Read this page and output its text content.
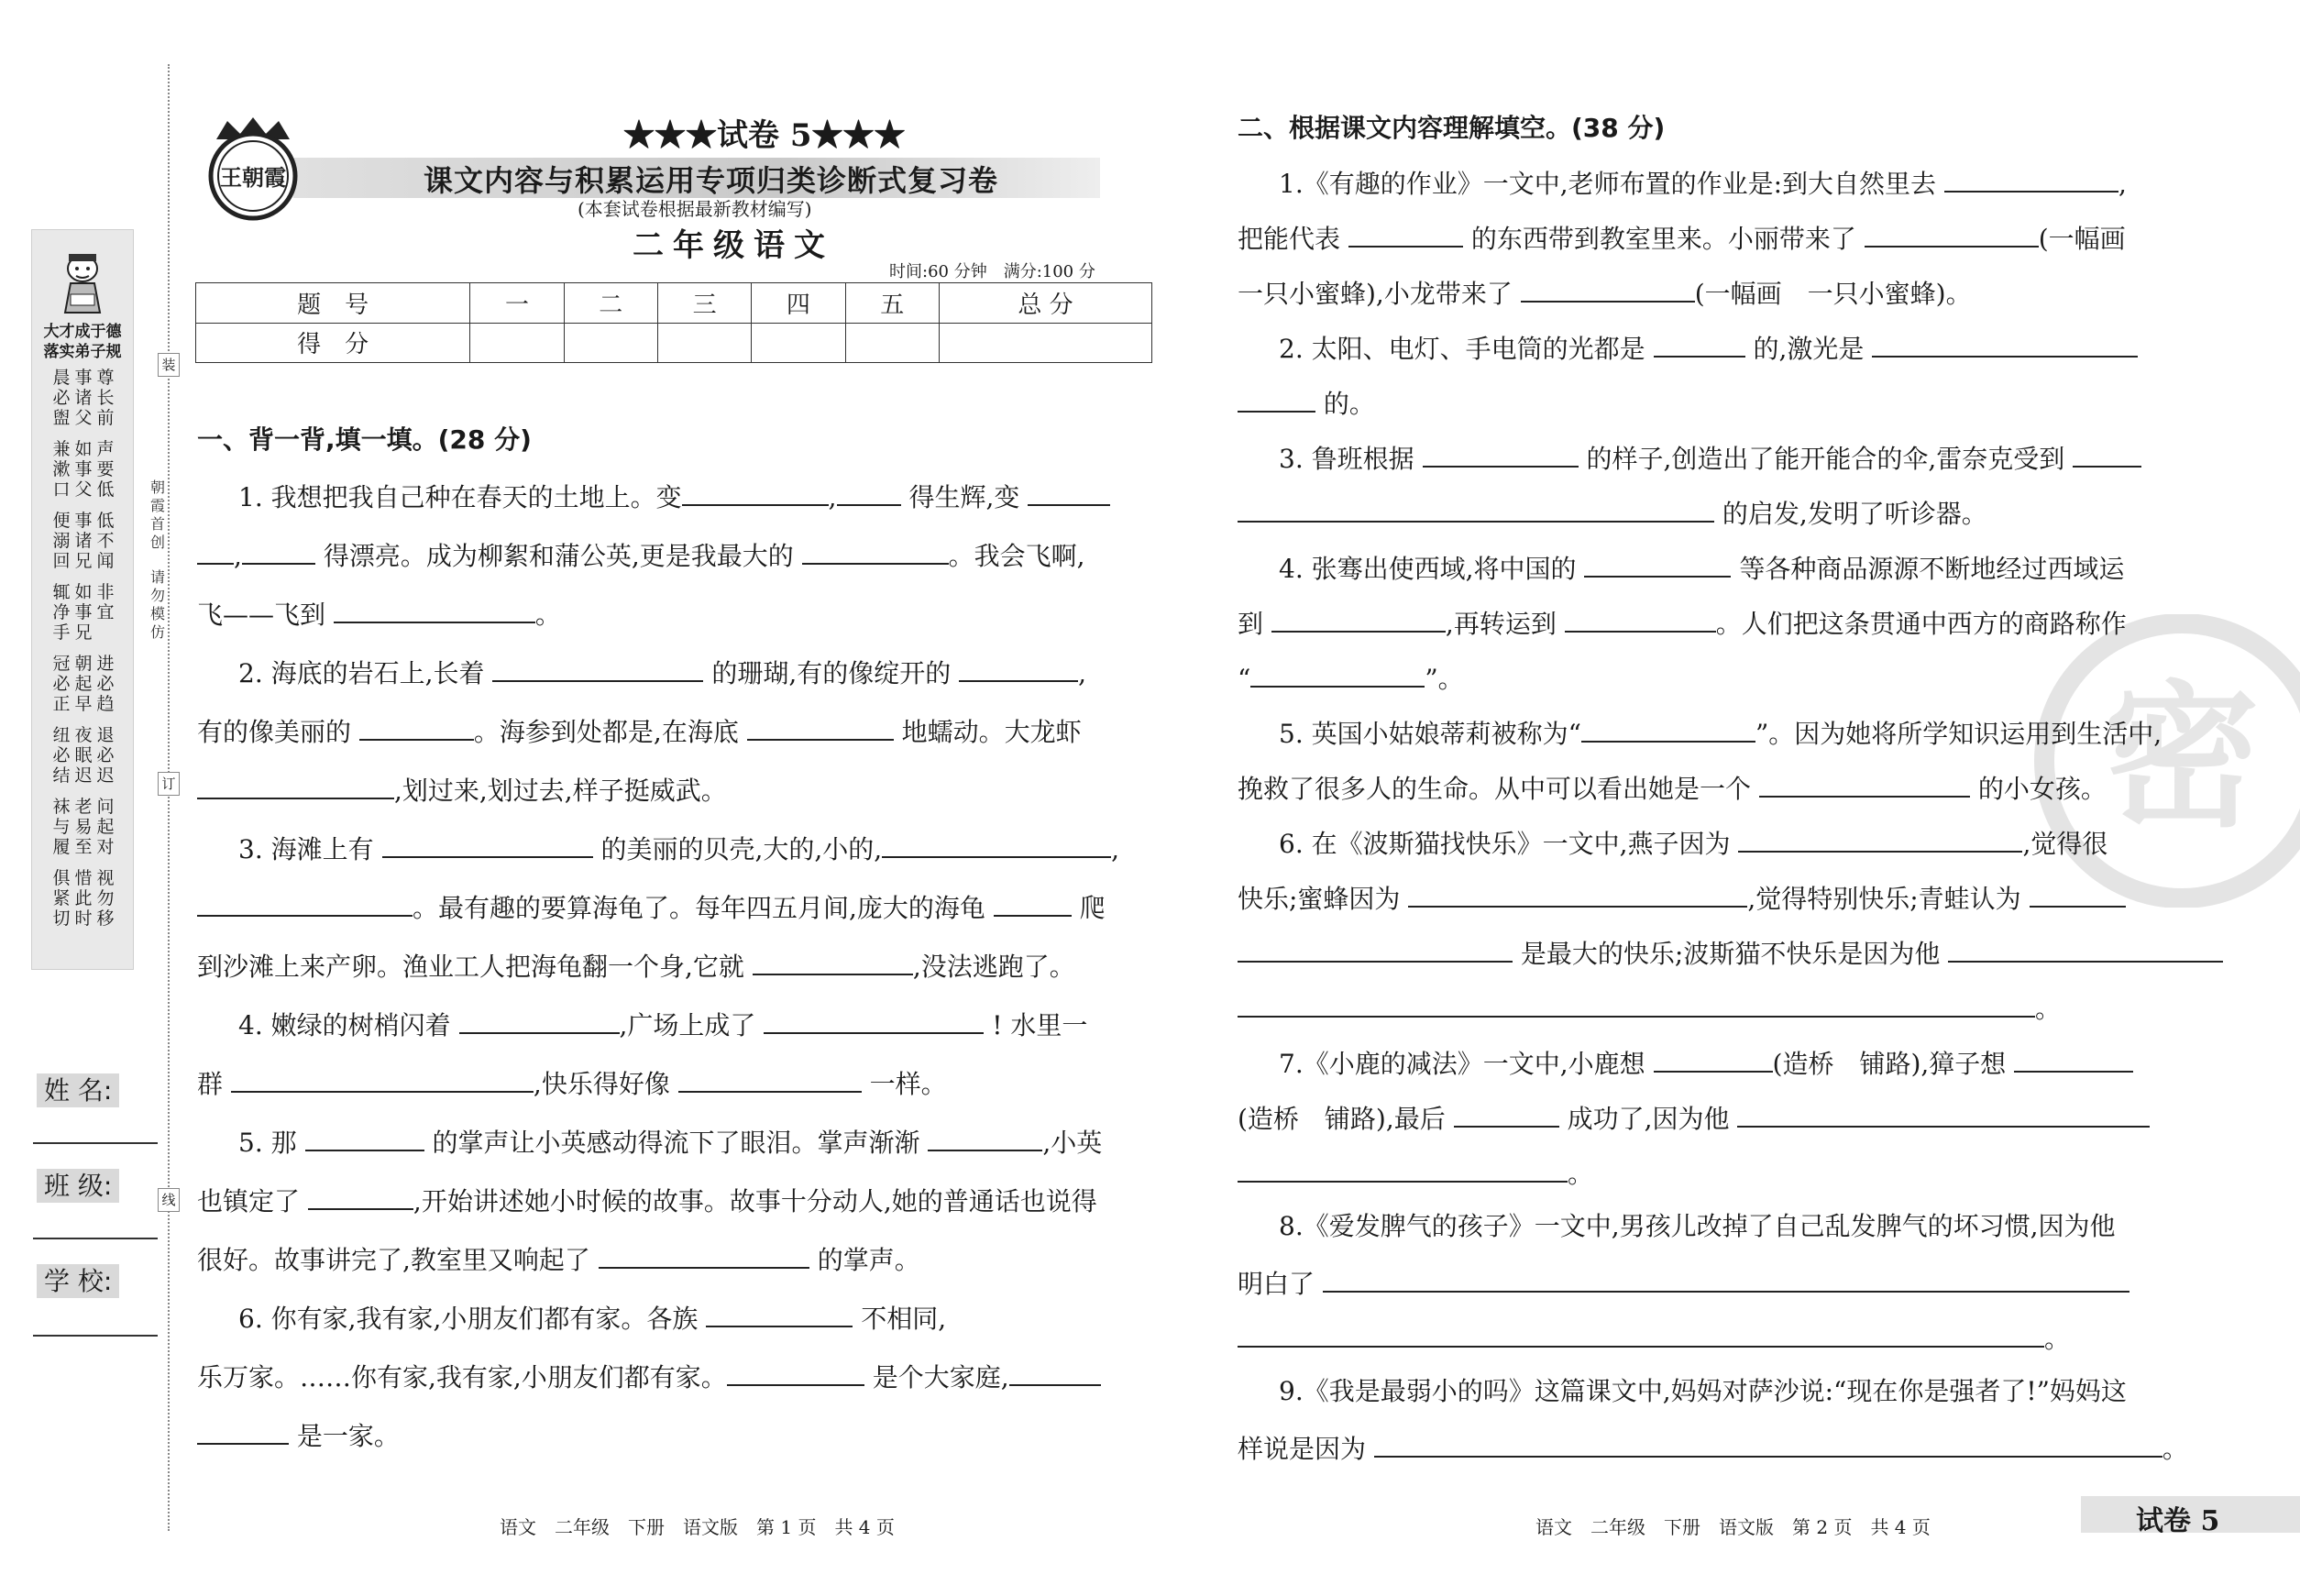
大才成于德
落实弟子规
晨必盥
事诸父
尊长前
兼漱口
如事父
声要低
便溺回
事诸兄
低不闻
辄净手
如事兄
非宜
冠必正
朝起早
进必趋
纽必结
夜眠迟
退必迟
袜与履
老易至
问起对
俱紧切
惜此时
视勿移
朝霞首创
请勿模仿
装
订
线
姓 名:
班 级:
学 校:
王朝霞
★★★试卷 5★★★
课文内容与积累运用专项归类诊断式复习卷
(本套试卷根据最新教材编写)
二年级语文
时间:60 分钟　满分:100 分
题　号	一	二	三	四	五	总 分
得　分						
一、背一背,填一填。(28 分)
1. 我想把我自己种在春天的土地上。变	,	得生辉,变
,	得漂亮。成为柳絮和蒲公英,更是我最大的	。我会飞啊,
飞——飞到	。
2. 海底的岩石上,长着	的珊瑚,有的像绽开的	,
有的像美丽的	。海参到处都是,在海底	地蠕动。大龙虾
,划过来,划过去,样子挺威武。
3. 海滩上有	的美丽的贝壳,大的,小的,	,
。最有趣的要算海龟了。每年四五月间,庞大的海龟	爬
到沙滩上来产卵。渔业工人把海龟翻一个身,它就	,没法逃跑了。
4. 嫩绿的树梢闪着	,广场上成了	! 水里一
群	,快乐得好像	一样。
5. 那	的掌声让小英感动得流下了眼泪。掌声渐渐	,小英
也镇定了	,开始讲述她小时候的故事。故事十分动人,她的普通话也说得
很好。故事讲完了,教室里又响起了	的掌声。
6. 你有家,我有家,小朋友们都有家。各族	不相同,
乐万家。……你有家,我有家,小朋友们都有家。	是个大家庭,
是一家。
语文　二年级　下册　语文版　第 1 页　共 4 页
密
二、根据课文内容理解填空。(38 分)
1.《有趣的作业》一文中,老师布置的作业是:到大自然里去	,
把能代表	的东西带到教室里来。小丽带来了	(一幅画
一只小蜜蜂),小龙带来了	(一幅画　一只小蜜蜂)。
2. 太阳、电灯、手电筒的光都是	的,激光是
的。
3. 鲁班根据	的样子,创造出了能开能合的伞,雷奈克受到
的启发,发明了听诊器。
4. 张骞出使西域,将中国的	等各种商品源源不断地经过西域运
到	,再转运到	。人们把这条贯通中西方的商路称作
“	”。
5. 英国小姑娘蒂莉被称为“	”。因为她将所学知识运用到生活中,
挽救了很多人的生命。从中可以看出她是一个	的小女孩。
6. 在《波斯猫找快乐》一文中,燕子因为	,觉得很
快乐;蜜蜂因为	,觉得特别快乐;青蛙认为
是最大的快乐;波斯猫不快乐是因为他
。
7.《小鹿的减法》一文中,小鹿想	(造桥　铺路),獐子想
(造桥　铺路),最后	成功了,因为他
。
8.《爱发脾气的孩子》一文中,男孩儿改掉了自己乱发脾气的坏习惯,因为他
明白了
。
9.《我是最弱小的吗》这篇课文中,妈妈对萨沙说:“现在你是强者了!”妈妈这
样说是因为	。
语文　二年级　下册　语文版　第 2 页　共 4 页	试卷 5
